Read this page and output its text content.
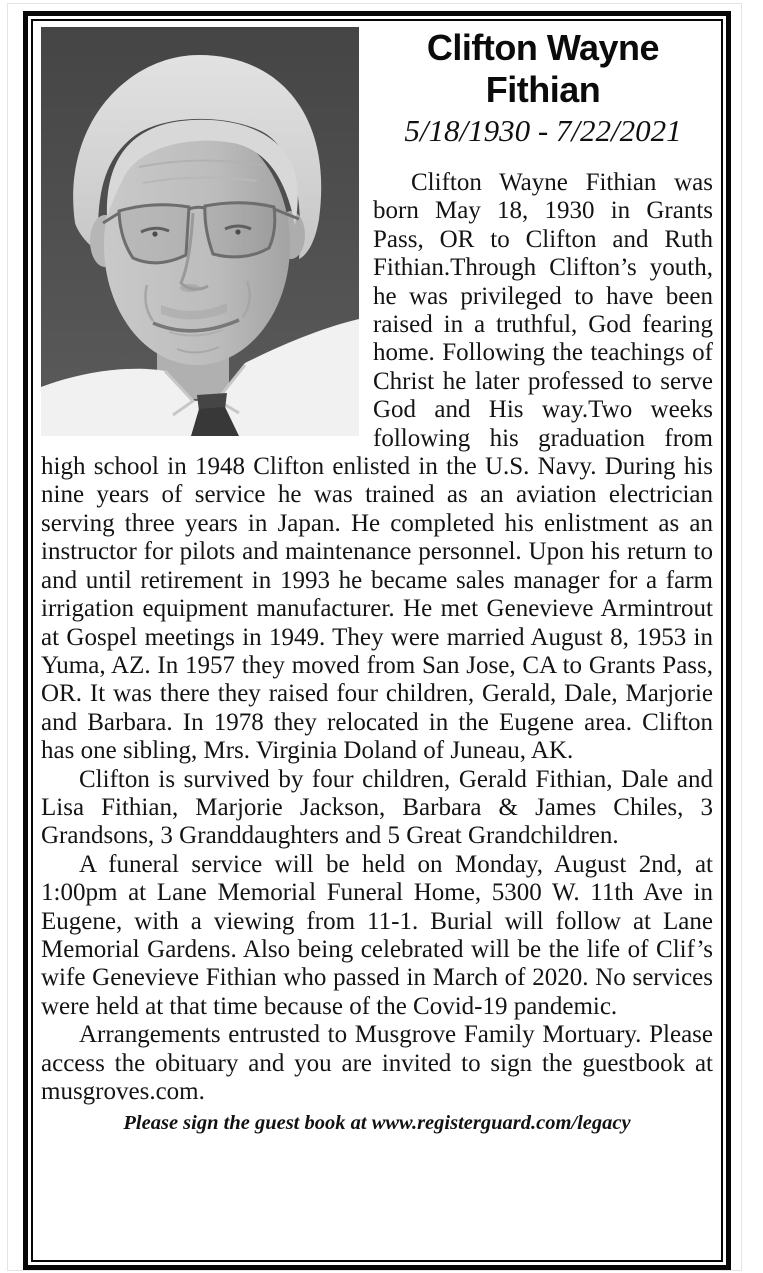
Clifton Wayne
Fithian
5/18/1930 - 7/22/2021

Clifton Wayne Fithian was born May 18, 1930 in Grants Pass, OR to Clifton and Ruth Fithian.Through Clifton’s youth, he was privileged to have been raised in a truthful, God fearing home. Following the teachings of Christ he later professed to serve God and His way.Two weeks following his graduation from high school in 1948 Clifton enlisted in the U.S. Navy. During his nine years of service he was trained as an aviation electrician serving three years in Japan. He completed his enlistment as an instructor for pilots and maintenance personnel. Upon his return to and until retirement in 1993 he became sales manager for a farm irrigation equipment manufacturer. He met Genevieve Armintrout at Gospel meetings in 1949. They were married August 8, 1953 in Yuma, AZ. In 1957 they moved from San Jose, CA to Grants Pass, OR. It was there they raised four children, Gerald, Dale, Marjorie and Barbara. In 1978 they relocated in the Eugene area. Clifton has one sibling, Mrs. Virginia Doland of Juneau, AK.

Clifton is survived by four children, Gerald Fithian, Dale and Lisa Fithian, Marjorie Jackson, Barbara & James Chiles, 3 Grandsons, 3 Granddaughters and 5 Great Grandchildren.

A funeral service will be held on Monday, August 2nd, at 1:00pm at Lane Memorial Funeral Home, 5300 W. 11th Ave in Eugene, with a viewing from 11-1. Burial will follow at Lane Memorial Gardens. Also being celebrated will be the life of Clif’s wife Genevieve Fithian who passed in March of 2020. No services were held at that time because of the Covid-19 pandemic.

Arrangements entrusted to Musgrove Family Mortuary. Please access the obituary and you are invited to sign the guestbook at musgroves.com.

Please sign the guest book at www.registerguard.com/legacy
